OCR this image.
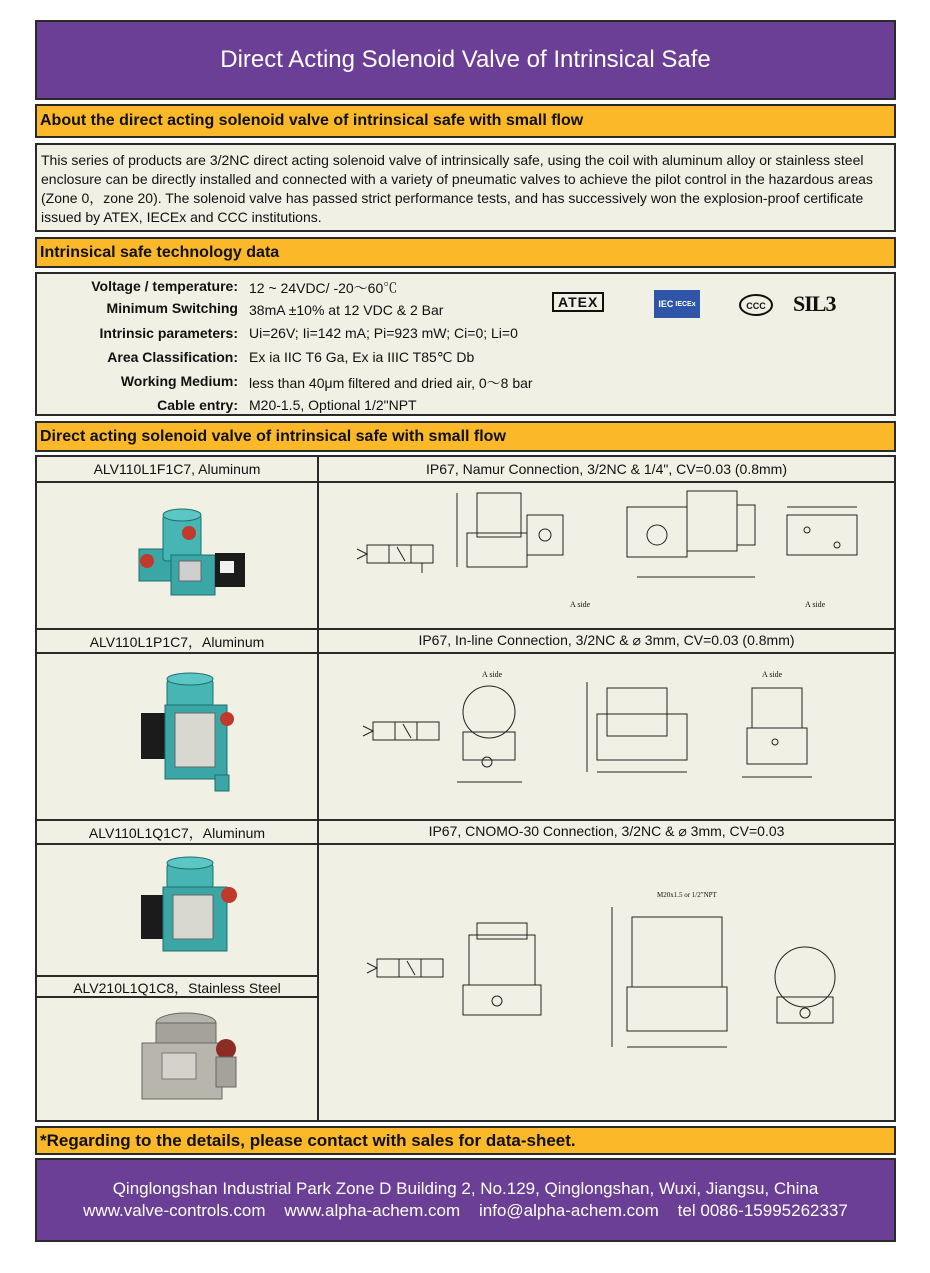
Direct Acting Solenoid Valve of Intrinsical Safe
About the direct acting solenoid valve of intrinsical safe with small flow
This series of products are 3/2NC direct acting solenoid valve of intrinsically safe, using the coil with aluminum alloy or stainless steel enclosure can be directly installed and connected with a variety of pneumatic valves to achieve the pilot control in the hazardous areas (Zone 0，zone 20). The solenoid valve has passed strict performance tests, and has successively won the explosion-proof certificate issued by ATEX, IECEx and CCC institutions.
Intrinsical safe technology data
Voltage / temperature: 12 ~ 24VDC/ -20～60℃
Minimum Switching 38mA ±10% at 12 VDC & 2 Bar
Intrinsic parameters: Ui=26V; Ii=142 mA; Pi=923 mW; Ci=0; Li=0
Area Classification: Ex ia IIC T6 Ga, Ex ia IIIC T85℃ Db
Working Medium: less than 40μm filtered and dried air, 0～8 bar
Cable entry: M20-1.5, Optional 1/2"NPT
ATEX	IEC IECEx	CCC SIL3
Direct acting solenoid valve of intrinsical safe with small flow
ALV110L1F1C7, Aluminum	IP67, Namur Connection, 3/2NC & 1/4", CV=0.03 (0.8mm)
ALV110L1P1C7，Aluminum	IP67, In-line Connection, 3/2NC & ⌀ 3mm, CV=0.03 (0.8mm)
ALV110L1Q1C7，Aluminum	IP67, CNOMO-30 Connection, 3/2NC & ⌀ 3mm, CV=0.03
ALV210L1Q1C8，Stainless Steel
A side	A side
A side	A side
M20x1.5 or 1/2"NPT
*Regarding to the details, please contact with sales for data-sheet.
Qinglongshan Industrial Park Zone D Building 2, No.129, Qinglongshan, Wuxi, Jiangsu, China
www.valve-controls.com    www.alpha-achem.com    info@alpha-achem.com    tel 0086-15995262337
